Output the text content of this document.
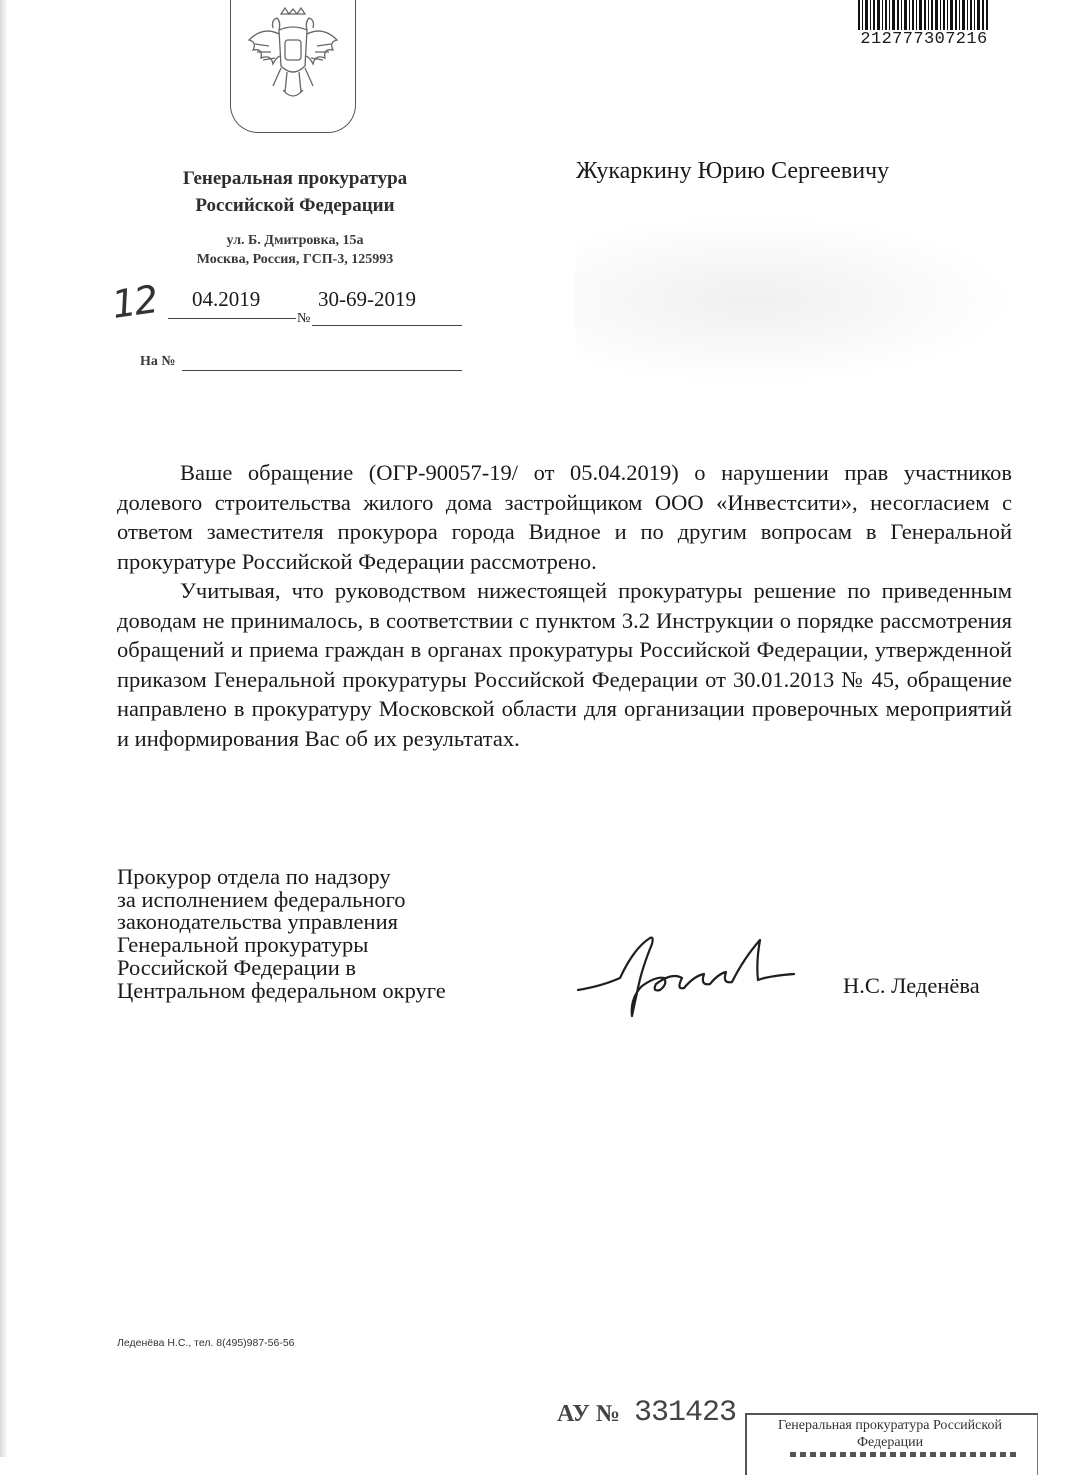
212777307216
Генеральная прокуратура
Российской Федерации
ул. Б. Дмитровка, 15а
Москва, Россия, ГСП-3, 125993
12 04.2019
№
30-69-2019
На №
Жукаркину Юрию Сергеевичу

Ваше обращение (ОГР-90057-19/ от 05.04.2019) о нарушении прав участников долевого строительства жилого дома застройщиком ООО «Инвестсити», несогласием с ответом заместителя прокурора города Видное и по другим вопросам в Генеральной прокуратуре Российской Федерации рассмотрено.

Учитывая, что руководством нижестоящей прокуратуры решение по приведенным доводам не принималось, в соответствии с пунктом 3.2 Инструкции о порядке рассмотрения обращений и приема граждан в органах прокуратуры Российской Федерации, утвержденной приказом Генеральной прокуратуры Российской Федерации от 30.01.2013 № 45, обращение направлено в прокуратуру Московской области для организации проверочных мероприятий и информирования Вас об их результатах.

Прокурор отдела по надзору
за исполнением федерального
законодательства управления
Генеральной прокуратуры
Российской Федерации в
Центральном федеральном округе	Н.С. Леденёва
Леденёва Н.С., тел. 8(495)987-56-56
АУ № 331423	Генеральная прокуратура Российской
Федерации
